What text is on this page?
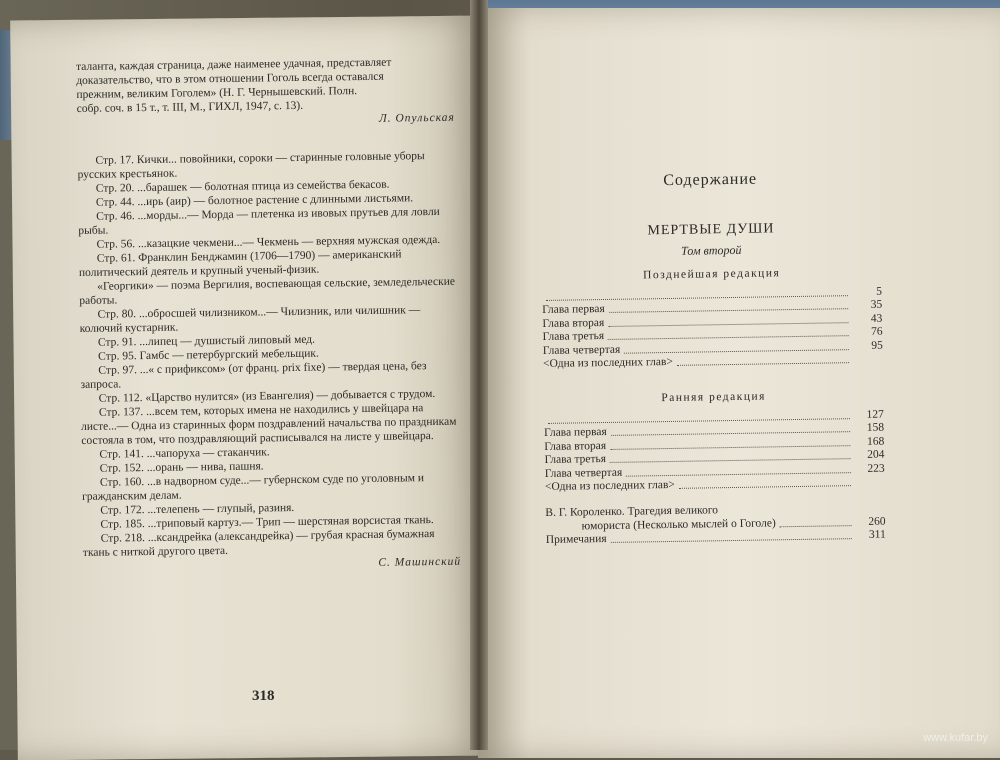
таланта, каждая страница, даже наименее удачная, представляет

доказательство, что в этом отношении Гоголь всегда оставался

прежним, великим Гоголем» (Н. Г. Чернышевский. Полн.

собр. соч. в 15 т., т. III, М., ГИХЛ, 1947, с. 13).

Л. Опульская

Стр. 17. Кички... повойники, сороки — старинные головные уборы русских крестьянок.

Стр. 20. ...барашек — болотная птица из семейства бекасов.

Стр. 44. ...ирь (аир) — болотное растение с длинными листьями.

Стр. 46. ...морды...— Морда — плетенка из ивовых прутьев для ловли рыбы.

Стр. 56. ...казацкие чекмени...— Чекмень — верхняя мужская одежда.

Стр. 61. Франклин Бенджамин (1706—1790) — американский политический деятель и крупный ученый-физик.

«Георгики» — поэма Вергилия, воспевающая сельские, земледельческие работы.

Стр. 80. ...обросшей чилизником...— Чилизник, или чилишник — колючий кустарник.

Стр. 91. ...липец — душистый липовый мед.

Стр. 95. Гамбс — петербургский мебельщик.

Стр. 97. ...« с прификсом» (от франц. prix fixe) — твердая цена, без запроса.

Стр. 112. «Царство нулится» (из Евангелия) — добывается с трудом.

Стр. 137. ...всем тем, которых имена не находились у швейцара на листе...— Одна из старинных форм поздравлений начальства по праздникам состояла в том, что поздравляющий расписывался на листе у швейцара.

Стр. 141. ...чапоруха — стаканчик.

Стр. 152. ...орань — нива, пашня.

Стр. 160. ...в надворном суде...— губернском суде по уголовным и гражданским делам.

Стр. 172. ...телепень — глупый, разиня.

Стр. 185. ...триповый картуз.— Трип — шерстяная ворсистая ткань.

Стр. 218. ...ксандрейка (александрейка) — грубая красная бумажная ткань с ниткой другого цвета.

С. Машинский

318
Содержание
МЕРТВЫЕ ДУШИ
Том второй
Позднейшая редакция
5
Глава первая	35
Глава вторая	43
Глава третья	76
Глава четвертая	95
<Одна из последних глав>
Ранняя редакция
127
Глава первая	158
Глава вторая	168
Глава третья	204
Глава четвертая	223
<Одна из последних глав>
В. Г. Короленко. Трагедия великого
юмориста (Несколько мыслей о Гоголе)	260
Примечания	311
www.kufar.by
